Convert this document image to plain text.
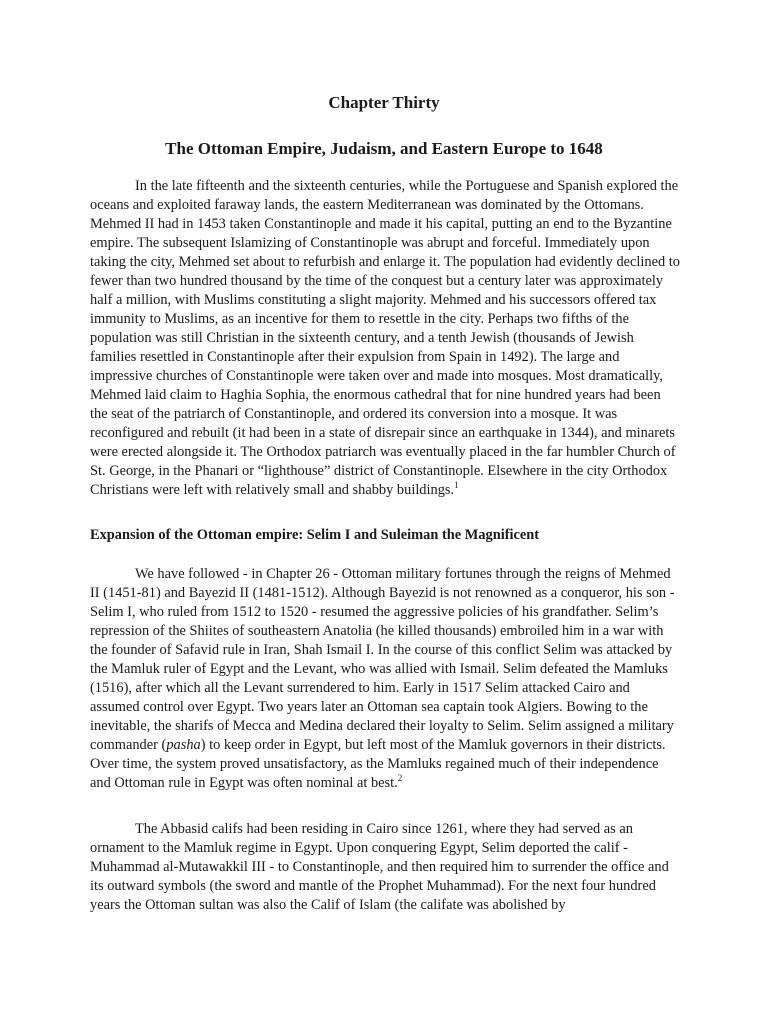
Chapter Thirty
The Ottoman Empire, Judaism, and Eastern Europe to 1648

In the late fifteenth and the sixteenth centuries, while the Portuguese and Spanish explored the oceans and exploited faraway lands, the eastern Mediterranean was dominated by the Ottomans. Mehmed II had in 1453 taken Constantinople and made it his capital, putting an end to the Byzantine empire. The subsequent Islamizing of Constantinople was abrupt and forceful. Immediately upon taking the city, Mehmed set about to refurbish and enlarge it. The population had evidently declined to fewer than two hundred thousand by the time of the conquest but a century later was approximately half a million, with Muslims constituting a slight majority. Mehmed and his successors offered tax immunity to Muslims, as an incentive for them to resettle in the city. Perhaps two fifths of the population was still Christian in the sixteenth century, and a tenth Jewish (thousands of Jewish families resettled in Constantinople after their expulsion from Spain in 1492). The large and impressive churches of Constantinople were taken over and made into mosques. Most dramatically, Mehmed laid claim to Haghia Sophia, the enormous cathedral that for nine hundred years had been the seat of the patriarch of Constantinople, and ordered its conversion into a mosque. It was reconfigured and rebuilt (it had been in a state of disrepair since an earthquake in 1344), and minarets were erected alongside it. The Orthodox patriarch was eventually placed in the far humbler Church of St. George, in the Phanari or “lighthouse” district of Constantinople. Elsewhere in the city Orthodox Christians were left with relatively small and shabby buildings.$^1$

Expansion of the Ottoman empire: Selim I and Suleiman the Magnificent

We have followed - in Chapter 26 - Ottoman military fortunes through the reigns of Mehmed II (1451-81) and Bayezid II (1481-1512). Although Bayezid is not renowned as a conqueror, his son - Selim I, who ruled from 1512 to 1520 - resumed the aggressive policies of his grandfather. Selim’s repression of the Shiites of southeastern Anatolia (he killed thousands) embroiled him in a war with the founder of Safavid rule in Iran, Shah Ismail I. In the course of this conflict Selim was attacked by the Mamluk ruler of Egypt and the Levant, who was allied with Ismail. Selim defeated the Mamluks (1516), after which all the Levant surrendered to him. Early in 1517 Selim attacked Cairo and assumed control over Egypt. Two years later an Ottoman sea captain took Algiers. Bowing to the inevitable, the sharifs of Mecca and Medina declared their loyalty to Selim. Selim assigned a military commander (pasha) to keep order in Egypt, but left most of the Mamluk governors in their districts. Over time, the system proved unsatisfactory, as the Mamluks regained much of their independence and Ottoman rule in Egypt was often nominal at best.$^2$

The Abbasid califs had been residing in Cairo since 1261, where they had served as an ornament to the Mamluk regime in Egypt. Upon conquering Egypt, Selim deported the calif - Muhammad al-Mutawakkil III - to Constantinople, and then required him to surrender the office and its outward symbols (the sword and mantle of the Prophet Muhammad). For the next four hundred years the Ottoman sultan was also the Calif of Islam (the califate was abolished by
